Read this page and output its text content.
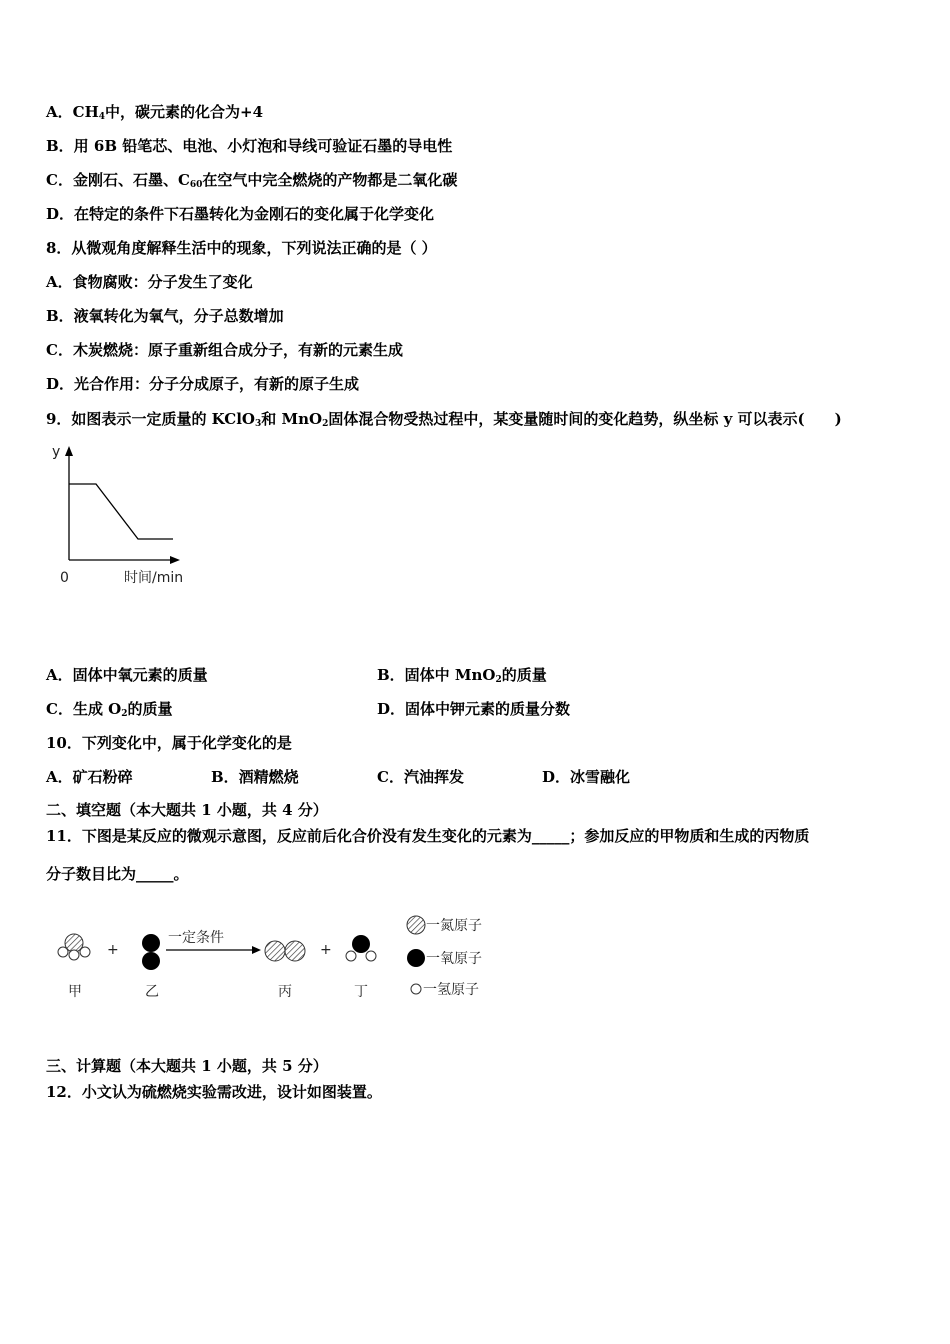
A．$CH_4$中，碳元素的化合为+4
B．用 6B 铅笔芯、电池、小灯泡和导线可验证石墨的导电性
C．金刚石、石墨、$C_{60}$在空气中完全燃烧的产物都是二氧化碳
D．在特定的条件下石墨转化为金刚石的变化属于化学变化
8．从微观角度解释生活中的现象，下列说法正确的是（ ）
A．食物腐败：分子发生了变化
B．液氧转化为氧气，分子总数增加
C．木炭燃烧：原子重新组合成分子，有新的元素生成
D．光合作用：分子分成原子，有新的原子生成
9．如图表示一定质量的 KClO$_3$和 MnO$_2$固体混合物受热过程中，某变量随时间的变化趋势，纵坐标 y 可以表示(　　)
y
0	时间/min
A．固体中氧元素的质量	B．固体中 MnO$_2$的质量
C．生成 $O_2$的质量	D．固体中钾元素的质量分数
10．下列变化中，属于化学变化的是
A．矿石粉碎	B．酒精燃烧	C．汽油挥发	D．冰雪融化
二、填空题（本大题共 1 小题，共 4 分）
11．下图是某反应的微观示意图，反应前后化合价没有发生变化的元素为_____；参加反应的甲物质和生成的丙物质
分子数目比为_____。
+
一定条件
+
甲	乙	丙	丁
一氮原子
一氧原子
一氢原子
三、计算题（本大题共 1 小题，共 5 分）
12．小文认为硫燃烧实验需改进，设计如图装置。
